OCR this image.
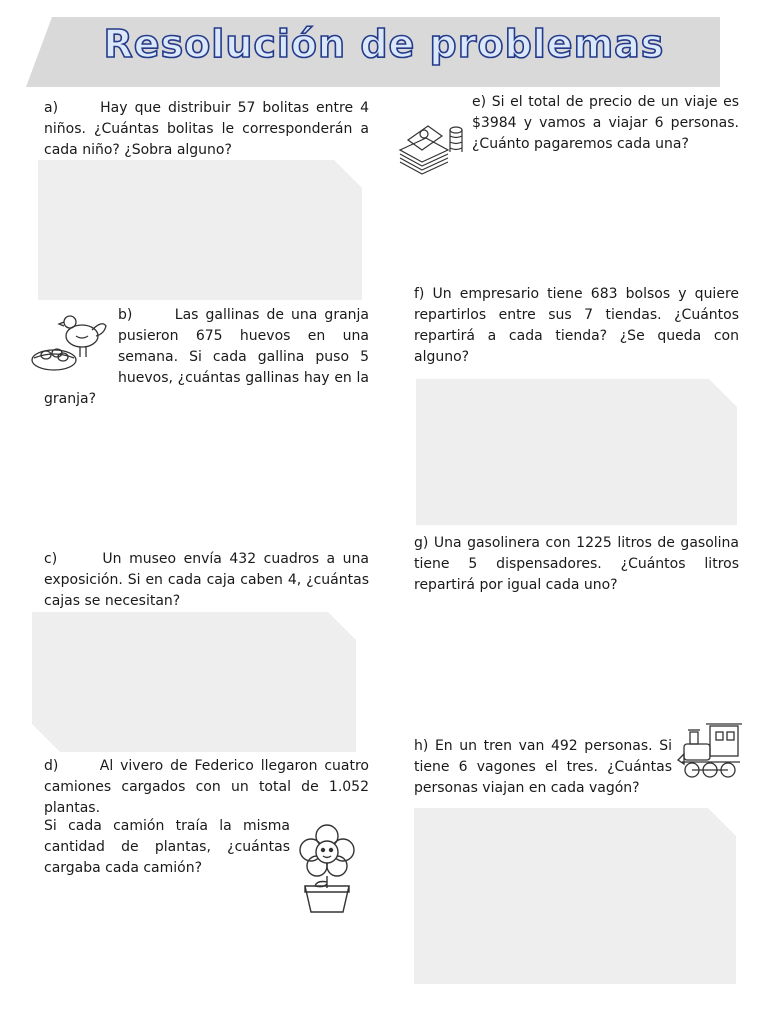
Resolución de problemas
a)      Hay que distribuir 57 bolitas entre 4 niños. ¿Cuántas bolitas le corresponderán a cada niño? ¿Sobra alguno?
b)      Las gallinas de una granja pusieron 675 huevos en una semana. Si cada gallina puso 5 huevos, ¿cuántas gallinas hay en la granja?
c)      Un museo envía 432 cuadros a una exposición. Si en cada caja caben 4, ¿cuántas cajas se necesitan?
d)      Al vivero de Federico llegaron cuatro camiones cargados con un total de 1.052 plantas.
Si cada camión traía la misma cantidad de plantas, ¿cuántas cargaba cada camión?
e) Si el total de precio de un viaje es $3984 y vamos a viajar 6 personas. ¿Cuánto pagaremos cada una?
f) Un empresario tiene 683 bolsos y quiere repartirlos entre sus 7 tiendas. ¿Cuántos repartirá a cada tienda? ¿Se queda con alguno?
g) Una gasolinera con 1225 litros de gasolina tiene 5 dispensadores. ¿Cuántos litros repartirá por igual cada uno?
h) En un tren van 492 personas. Si tiene 6 vagones el tres. ¿Cuántas personas viajan en cada vagón?
